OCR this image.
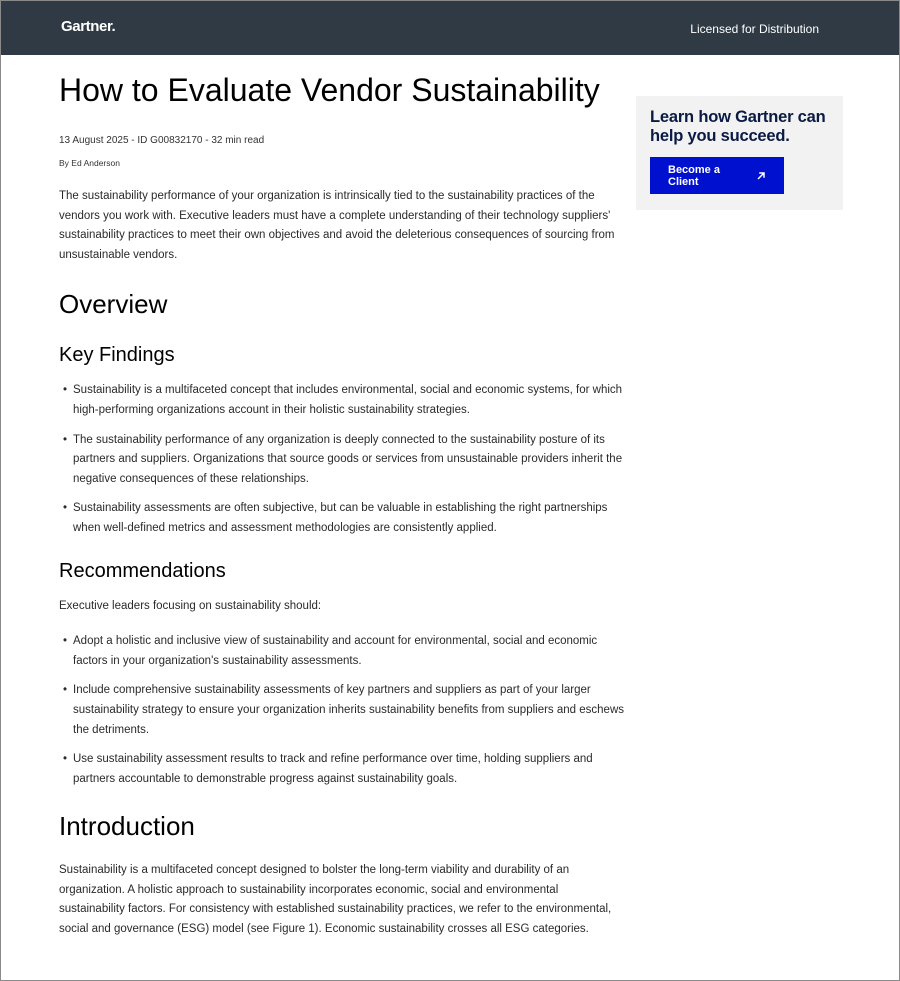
Gartner.	Licensed for Distribution
How to Evaluate Vendor Sustainability
13 August 2025 - ID G00832170 - 32 min read
By Ed Anderson

The sustainability performance of your organization is intrinsically tied to the sustainability practices of the vendors you work with. Executive leaders must have a complete understanding of their technology suppliers' sustainability practices to meet their own objectives and avoid the deleterious consequences of sourcing from unsustainable vendors.

Overview
Key Findings
• Sustainability is a multifaceted concept that includes environmental, social and economic systems, for which high-performing organizations account in their holistic sustainability strategies.
• The sustainability performance of any organization is deeply connected to the sustainability posture of its partners and suppliers. Organizations that source goods or services from unsustainable providers inherit the negative consequences of these relationships.
• Sustainability assessments are often subjective, but can be valuable in establishing the right partnerships when well-defined metrics and assessment methodologies are consistently applied.
Recommendations

Executive leaders focusing on sustainability should:

• Adopt a holistic and inclusive view of sustainability and account for environmental, social and economic factors in your organization's sustainability assessments.
• Include comprehensive sustainability assessments of key partners and suppliers as part of your larger sustainability strategy to ensure your organization inherits sustainability benefits from suppliers and eschews the detriments.
• Use sustainability assessment results to track and refine performance over time, holding suppliers and partners accountable to demonstrable progress against sustainability goals.
Introduction

Sustainability is a multifaceted concept designed to bolster the long-term viability and durability of an organization. A holistic approach to sustainability incorporates economic, social and environmental sustainability factors. For consistency with established sustainability practices, we refer to the environmental, social and governance (ESG) model (see Figure 1). Economic sustainability crosses all ESG categories.

Learn how Gartner can help you succeed.
Become a Client
